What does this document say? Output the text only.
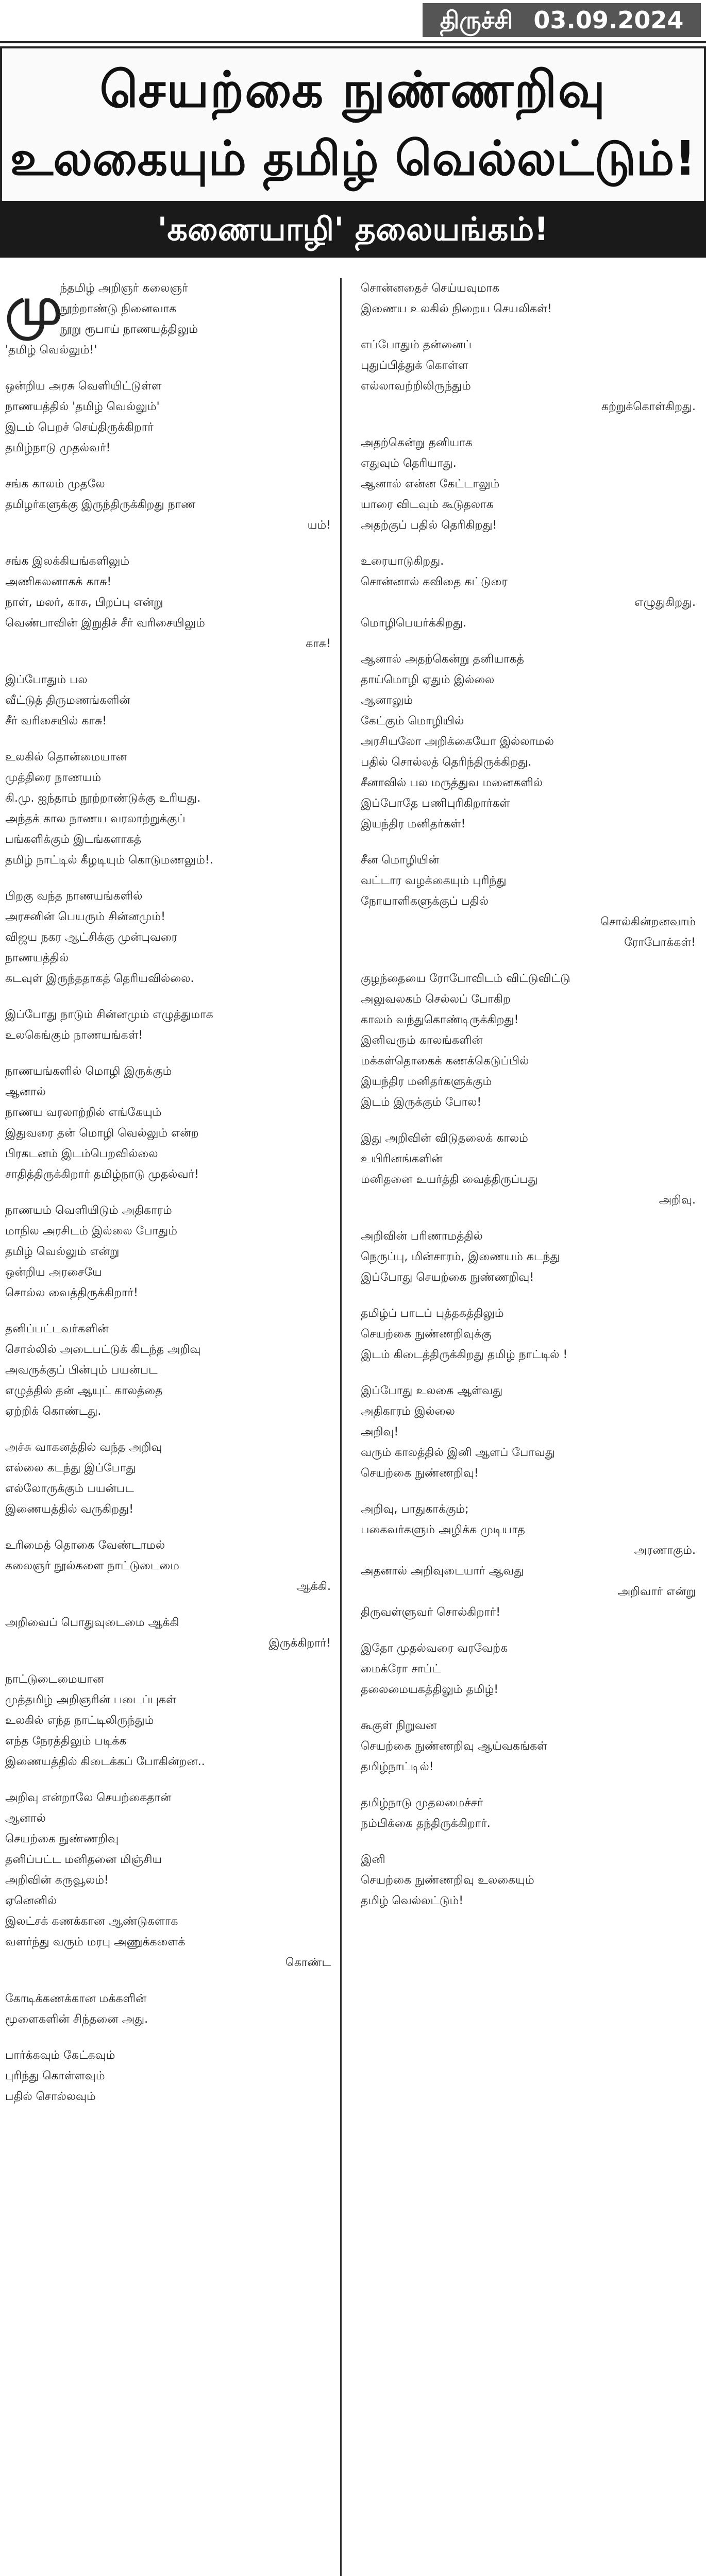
திருச்சி 03.09.2024
செயற்கை நுண்ணறிவு
உலகையும் தமிழ் வெல்லட்டும்!
'கணையாழி' தலையங்கம்!
மு
ந்தமிழ் அறிஞர் கலைஞர்
நூற்றாண்டு நினைவாக
நூறு ரூபாய் நாணயத்திலும்
'தமிழ் வெல்லும்!'
ஒன்றிய அரசு வெளியிட்டுள்ள
நாணயத்தில் 'தமிழ் வெல்லும்'
இடம் பெறச் செய்திருக்கிறார்
தமிழ்நாடு முதல்வர்!
சங்க காலம் முதலே
தமிழர்களுக்கு இருந்திருக்கிறது நாண
யம்!
சங்க இலக்கியங்களிலும்
அணிகலனாகக் காசு!
நாள், மலர், காசு, பிறப்பு என்று
வெண்பாவின் இறுதிச் சீர் வரிசையிலும்
காசு!
இப்போதும் பல
வீட்டுத் திருமணங்களின்
சீர் வரிசையில் காசு!
உலகில் தொன்மையான
முத்திரை நாணயம்
கி.மு. ஐந்தாம் நூற்றாண்டுக்கு உரியது.
அந்தக் கால நாணய வரலாற்றுக்குப்
பங்களிக்கும் இடங்களாகத்
தமிழ் நாட்டில் கீழடியும் கொடுமணலும்!.
பிறகு வந்த நாணயங்களில்
அரசனின் பெயரும் சின்னமும்!
விஜய நகர ஆட்சிக்கு முன்புவரை
நாணயத்தில்
கடவுள் இருந்ததாகத் தெரியவில்லை.
இப்போது நாடும் சின்னமும் எழுத்துமாக
உலகெங்கும் நாணயங்கள்!
நாணயங்களில் மொழி இருக்கும்
ஆனால்
நாணய வரலாற்றில் எங்கேயும்
இதுவரை தன் மொழி வெல்லும் என்ற
பிரகடனம் இடம்பெறவில்லை
சாதித்திருக்கிறார் தமிழ்நாடு முதல்வர்!
நாணயம் வெளியிடும் அதிகாரம்
மாநில அரசிடம் இல்லை போதும்
தமிழ் வெல்லும் என்று
ஒன்றிய அரசையே
சொல்ல வைத்திருக்கிறார்!
தனிப்பட்டவர்களின்
சொல்லில் அடைபட்டுக் கிடந்த அறிவு
அவருக்குப் பின்பும் பயன்பட
எழுத்தில் தன் ஆயுட் காலத்தை
ஏற்றிக் கொண்டது.
அச்சு வாகனத்தில் வந்த அறிவு
எல்லை கடந்து இப்போது
எல்லோருக்கும் பயன்பட
இணையத்தில் வருகிறது!
உரிமைத் தொகை வேண்டாமல்
கலைஞர் நூல்களை நாட்டுடைமை
ஆக்கி.
அறிவைப் பொதுவுடைமை ஆக்கி
இருக்கிறார்!
நாட்டுடைமையான
முத்தமிழ் அறிஞரின் படைப்புகள்
உலகில் எந்த நாட்டிலிருந்தும்
எந்த நேரத்திலும் படிக்க
இணையத்தில் கிடைக்கப் போகின்றன..
அறிவு என்றாலே செயற்கைதான்
ஆனால்
செயற்கை நுண்ணறிவு
தனிப்பட்ட மனிதனை மிஞ்சிய
அறிவின் கருவூலம்!
ஏனெனில்
இலட்சக் கணக்கான ஆண்டுகளாக
வளர்ந்து வரும் மரபு அணுக்களைக்
கொண்ட
கோடிக்கணக்கான மக்களின்
மூளைகளின் சிந்தனை அது.
பார்க்கவும் கேட்கவும்
புரிந்து கொள்ளவும்
பதில் சொல்லவும்
சொன்னதைச் செய்யவுமாக
இணைய உலகில் நிறைய செயலிகள்!
எப்போதும் தன்னைப்
புதுப்பித்துக் கொள்ள
எல்லாவற்றிலிருந்தும்
கற்றுக்கொள்கிறது.
அதற்கென்று தனியாக
எதுவும் தெரியாது.
ஆனால் என்ன கேட்டாலும்
யாரை விடவும் கூடுதலாக
அதற்குப் பதில் தெரிகிறது!
உரையாடுகிறது.
சொன்னால் கவிதை கட்டுரை
எழுதுகிறது.
மொழிபெயர்க்கிறது.
ஆனால் அதற்கென்று தனியாகத்
தாய்மொழி ஏதும் இல்லை
ஆனாலும்
கேட்கும் மொழியில்
அரசியலோ அறிக்கையோ இல்லாமல்
பதில் சொல்லத் தெரிந்திருக்கிறது.
சீனாவில் பல மருத்துவ மனைகளில்
இப்போதே பணிபுரிகிறார்கள்
இயந்திர மனிதர்கள்!
சீன மொழியின்
வட்டார வழக்கையும் புரிந்து
நோயாளிகளுக்குப் பதில்
சொல்கின்றனவாம்
ரோபோக்கள்!
குழந்தையை ரோபோவிடம் விட்டுவிட்டு
அலுவலகம் செல்லப் போகிற
காலம் வந்துகொண்டிருக்கிறது!
இனிவரும் காலங்களின்
மக்கள்தொகைக் கணக்கெடுப்பில்
இயந்திர மனிதர்களுக்கும்
இடம் இருக்கும் போல!
இது அறிவின் விடுதலைக் காலம்
உயிரினங்களின்
மனிதனை உயர்த்தி வைத்திருப்பது
அறிவு.
அறிவின் பரிணாமத்தில்
நெருப்பு, மின்சாரம், இணையம் கடந்து
இப்போது செயற்கை நுண்ணறிவு!
தமிழ்ப் பாடப் புத்தகத்திலும்
செயற்கை நுண்ணறிவுக்கு
இடம் கிடைத்திருக்கிறது தமிழ் நாட்டில் !
இப்போது உலகை ஆள்வது
அதிகாரம் இல்லை
அறிவு!
வரும் காலத்தில் இனி ஆளப் போவது
செயற்கை நுண்ணறிவு!
அறிவு, பாதுகாக்கும்;
பகைவர்களும் அழிக்க முடியாத
அரணாகும்.
அதனால் அறிவுடையார் ஆவது
அறிவார் என்று
திருவள்ளுவர் சொல்கிறார்!
இதோ முதல்வரை வரவேற்க
மைக்ரோ சாப்ட்
தலைமையகத்திலும் தமிழ்!
கூகுள் நிறுவன
செயற்கை நுண்ணறிவு ஆய்வகங்கள்
தமிழ்நாட்டில்!
தமிழ்நாடு முதலமைச்சர்
நம்பிக்கை தந்திருக்கிறார்.
இனி
செயற்கை நுண்ணறிவு உலகையும்
தமிழ் வெல்லட்டும்!
